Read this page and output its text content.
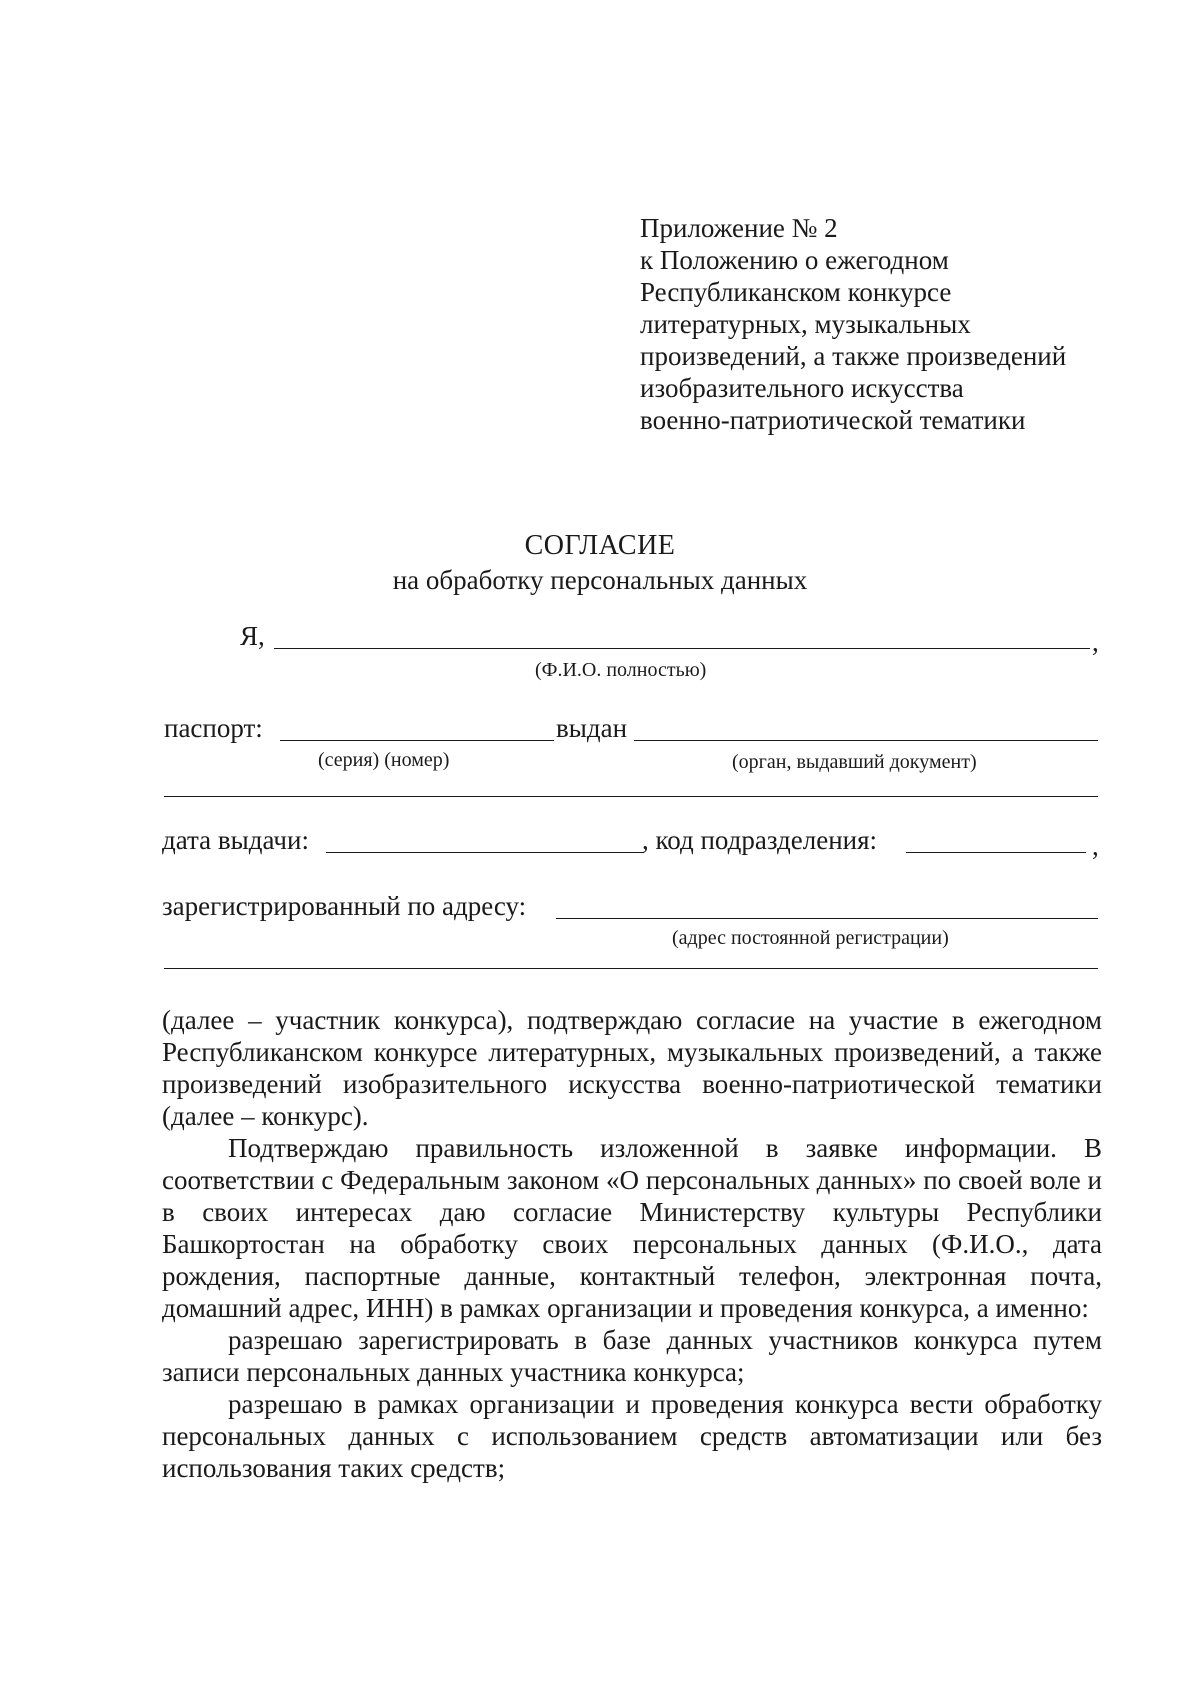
Приложение № 2
к Положению о ежегодном
Республиканском конкурсе
литературных, музыкальных
произведений, а также произведений
изобразительного искусства
военно-патриотической тематики
СОГЛАСИЕ
на обработку персональных данных
Я,	,
(Ф.И.О. полностью)
паспорт:
(серия) (номер)
выдан
(орган, выдавший документ)
дата выдачи:	, код подразделения:	,
зарегистрированный по адресу:
(адрес постоянной регистрации)

(далее – участник конкурса), подтверждаю согласие на участие в ежегодном Республиканском конкурсе литературных, музыкальных произведений, а также произведений изобразительного искусства военно-патриотической тематики (далее – конкурс).

Подтверждаю правильность изложенной в заявке информации. В соответствии с Федеральным законом «О персональных данных» по своей воле и в своих интересах даю согласие Министерству культуры Республики Башкортостан на обработку своих персональных данных (Ф.И.О., дата рождения, паспортные данные, контактный телефон, электронная почта, домашний адрес, ИНН) в рамках организации и проведения конкурса, а именно:

разрешаю зарегистрировать в базе данных участников конкурса путем записи персональных данных участника конкурса;

разрешаю в рамках организации и проведения конкурса вести обработку персональных данных с использованием средств автоматизации или без использования таких средств;
